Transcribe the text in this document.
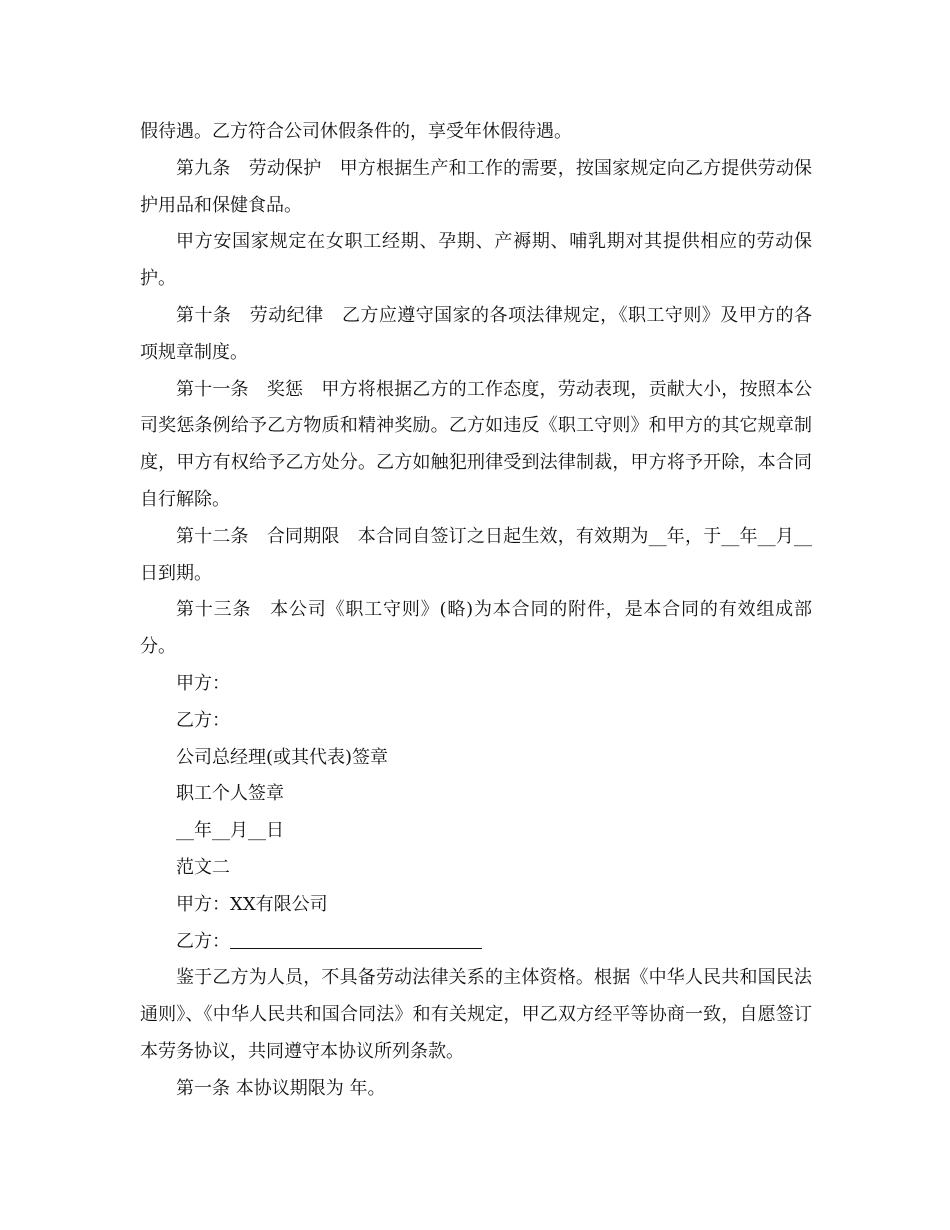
假待遇。乙方符合公司休假条件的，享受年休假待遇。

第九条　劳动保护　甲方根据生产和工作的需要，按国家规定向乙方提供劳动保护用品和保健食品。

甲方安国家规定在女职工经期、孕期、产褥期、哺乳期对其提供相应的劳动保护。

第十条　劳动纪律　乙方应遵守国家的各项法律规定，《职工守则》及甲方的各项规章制度。

第十一条　奖惩　甲方将根据乙方的工作态度，劳动表现，贡献大小，按照本公司奖惩条例给予乙方物质和精神奖励。乙方如违反《职工守则》和甲方的其它规章制度，甲方有权给予乙方处分。乙方如触犯刑律受到法律制裁，甲方将予开除，本合同自行解除。

第十二条　合同期限　本合同自签订之日起生效，有效期为__年，于__年__月__日到期。

第十三条　本公司《职工守则》(略)为本合同的附件，是本合同的有效组成部分。

甲方：
乙方：
公司总经理(或其代表)签章
职工个人签章
__年__月__日
范文二
甲方：XX有限公司
乙方：

鉴于乙方为人员，不具备劳动法律关系的主体资格。根据《中华人民共和国民法通则》、《中华人民共和国合同法》和有关规定，甲乙双方经平等协商一致，自愿签订本劳务协议，共同遵守本协议所列条款。

第一条 本协议期限为 年。
